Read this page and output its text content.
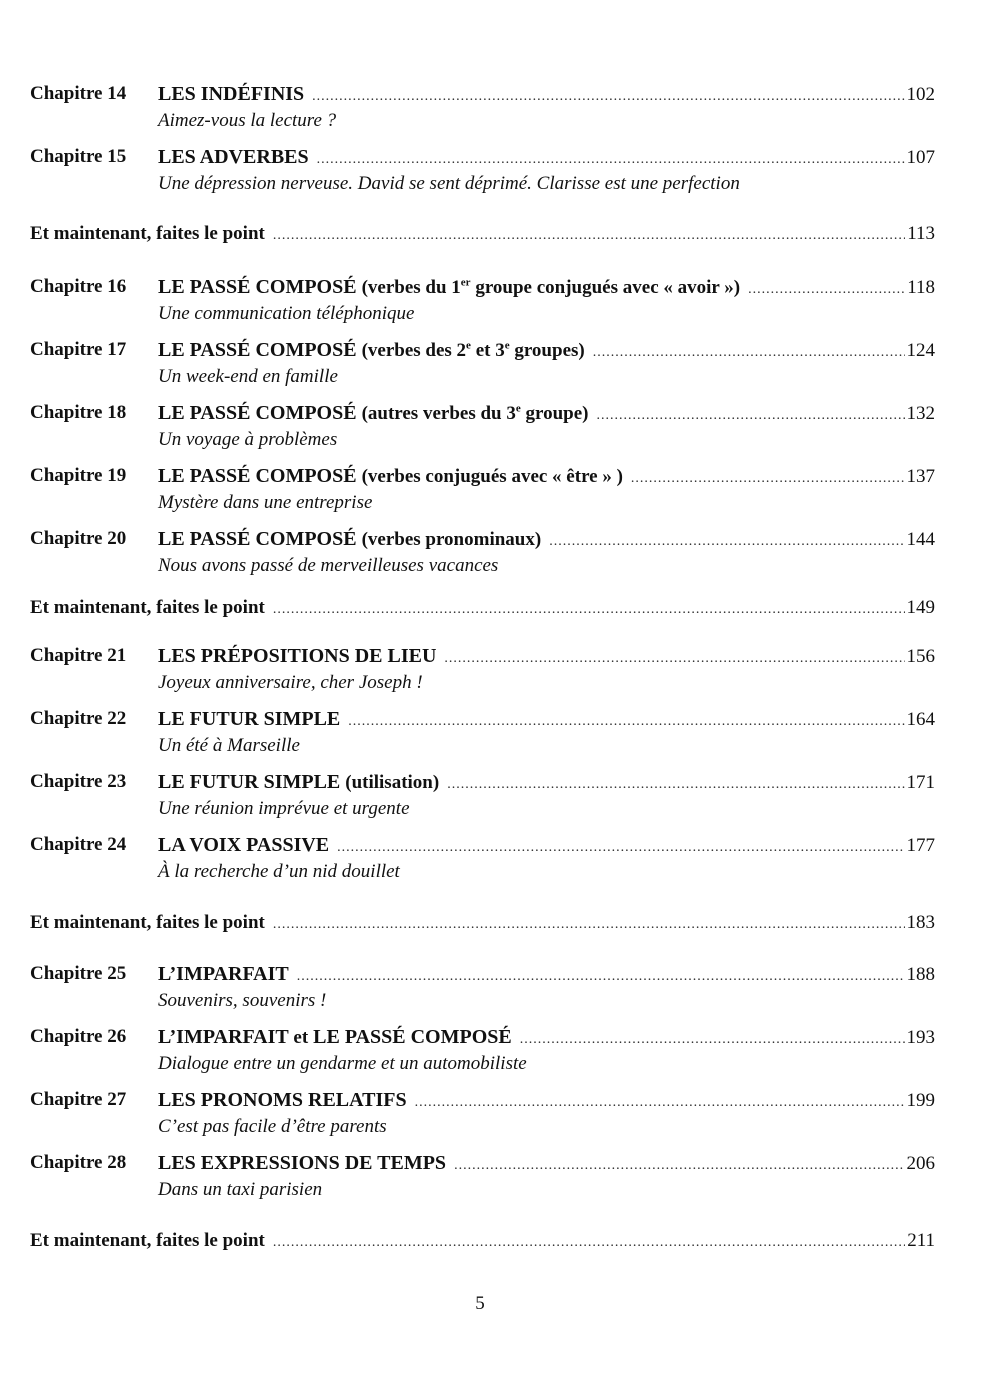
Chapitre 14 LES INDÉFINIS .....	102
Aimez-vous la lecture ?
Chapitre 15 LES ADVERBES .....	107
Une dépression nerveuse. David se sent déprimé. Clarisse est une perfection
Et maintenant, faites le point .....	113
Chapitre 16 LE PASSÉ COMPOSÉ (verbes du 1er groupe conjugués avec « avoir ») .....	118
Une communication téléphonique
Chapitre 17 LE PASSÉ COMPOSÉ (verbes des 2e et 3e groupes) .....	124
Un week-end en famille
Chapitre 18 LE PASSÉ COMPOSÉ (autres verbes du 3e groupe) .....	132
Un voyage à problèmes
Chapitre 19 LE PASSÉ COMPOSÉ (verbes conjugués avec « être » ) .....	137
Mystère dans une entreprise
Chapitre 20 LE PASSÉ COMPOSÉ (verbes pronominaux) .....	144
Nous avons passé de merveilleuses vacances
Et maintenant, faites le point .....	149
Chapitre 21 LES PRÉPOSITIONS DE LIEU .....	156
Joyeux anniversaire, cher Joseph !
Chapitre 22 LE FUTUR SIMPLE .....	164
Un été à Marseille
Chapitre 23 LE FUTUR SIMPLE (utilisation) .....	171
Une réunion imprévue et urgente
Chapitre 24 LA VOIX PASSIVE .....	177
À la recherche d’un nid douillet
Et maintenant, faites le point .....	183
Chapitre 25 L’IMPARFAIT .....	188
Souvenirs, souvenirs !
Chapitre 26 L’IMPARFAIT et LE PASSÉ COMPOSÉ .....	193
Dialogue entre un gendarme et un automobiliste
Chapitre 27 LES PRONOMS RELATIFS .....	199
C’est pas facile d’être parents
Chapitre 28 LES EXPRESSIONS DE TEMPS .....	206
Dans un taxi parisien
Et maintenant, faites le point .....	211
5
